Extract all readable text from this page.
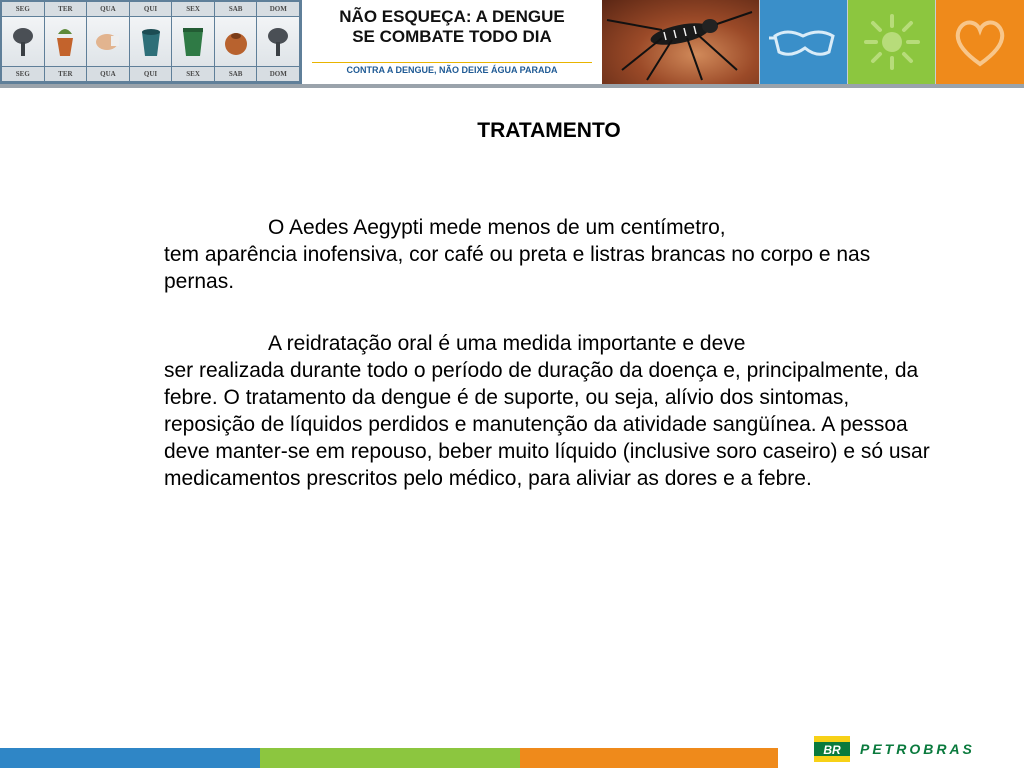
SEG	TER	QUA	QUI	SEX	SAB	DOM
SEG	TER	QUA	QUI	SEX	SAB	DOM
NÃO ESQUEÇA: A DENGUE
SE COMBATE TODO DIA
CONTRA A DENGUE, NÃO DEIXE ÁGUA PARADA
TRATAMENTO

O Aedes Aegypti mede menos de um centímetro,
tem aparência inofensiva, cor café ou preta e listras brancas no corpo e nas pernas.

A reidratação oral é uma medida importante e deve
ser realizada durante todo o período de duração da doença e, principalmente, da febre. O tratamento da dengue é de suporte, ou seja, alívio dos sintomas, reposição de líquidos perdidos e manutenção da atividade sangüínea. A pessoa deve manter-se em repouso, beber muito líquido (inclusive soro caseiro) e só usar medicamentos prescritos pelo médico, para aliviar as dores e a febre.

BR PETROBRAS
